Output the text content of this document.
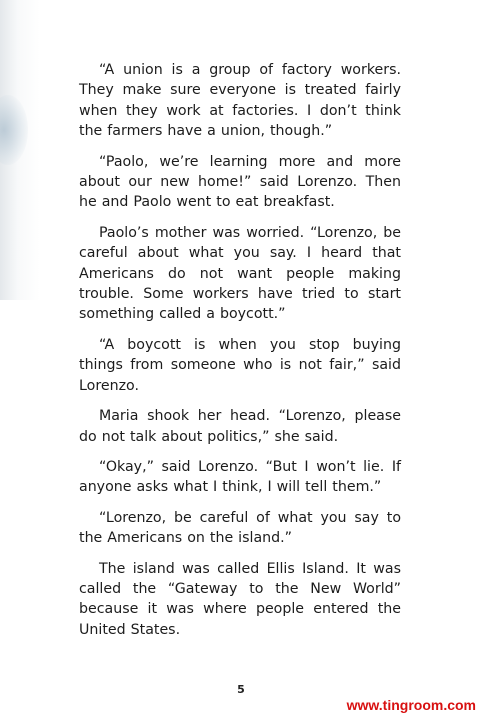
“A union is a group of factory workers. They make sure everyone is treated fairly when they work at factories. I don’t think the farmers have a union, though.”

“Paolo, we’re learning more and more about our new home!” said Lorenzo. Then he and Paolo went to eat breakfast.

Paolo’s mother was worried. “Lorenzo, be careful about what you say. I heard that Americans do not want people making trouble. Some workers have tried to start something called a boycott.”

“A boycott is when you stop buying things from someone who is not fair,” said Lorenzo.

Maria shook her head. “Lorenzo, please do not talk about politics,” she said.

“Okay,” said Lorenzo. “But I won’t lie. If anyone asks what I think, I will tell them.”

“Lorenzo, be careful of what you say to the Americans on the island.”

The island was called Ellis Island. It was called the “Gateway to the New World” because it was where people entered the United States.

5
www.tingroom.com
